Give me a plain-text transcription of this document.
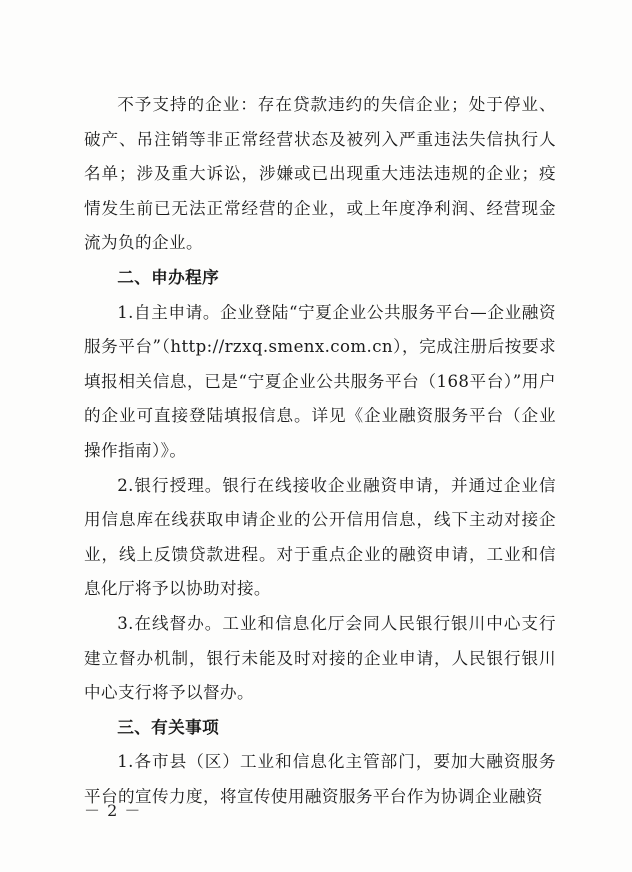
不予支持的企业：存在贷款违约的失信企业；处于停业、破产、吊注销等非正常经营状态及被列入严重违法失信执行人名单；涉及重大诉讼，涉嫌或已出现重大违法违规的企业；疫情发生前已无法正常经营的企业，或上年度净利润、经营现金流为负的企业。

二、申办程序

1.自主申请。企业登陆“宁夏企业公共服务平台—企业融资服务平台”（http://rzxq.smenx.com.cn），完成注册后按要求填报相关信息，已是“宁夏企业公共服务平台（168平台）”用户的企业可直接登陆填报信息。详见《企业融资服务平台（企业操作指南）》。

2.银行授理。银行在线接收企业融资申请，并通过企业信用信息库在线获取申请企业的公开信用信息，线下主动对接企业，线上反馈贷款进程。对于重点企业的融资申请，工业和信息化厅将予以协助对接。

3.在线督办。工业和信息化厅会同人民银行银川中心支行建立督办机制，银行未能及时对接的企业申请，人民银行银川中心支行将予以督办。

三、有关事项

1.各市县（区）工业和信息化主管部门，要加大融资服务平台的宣传力度，将宣传使用融资服务平台作为协调企业融资

－ 2 －
